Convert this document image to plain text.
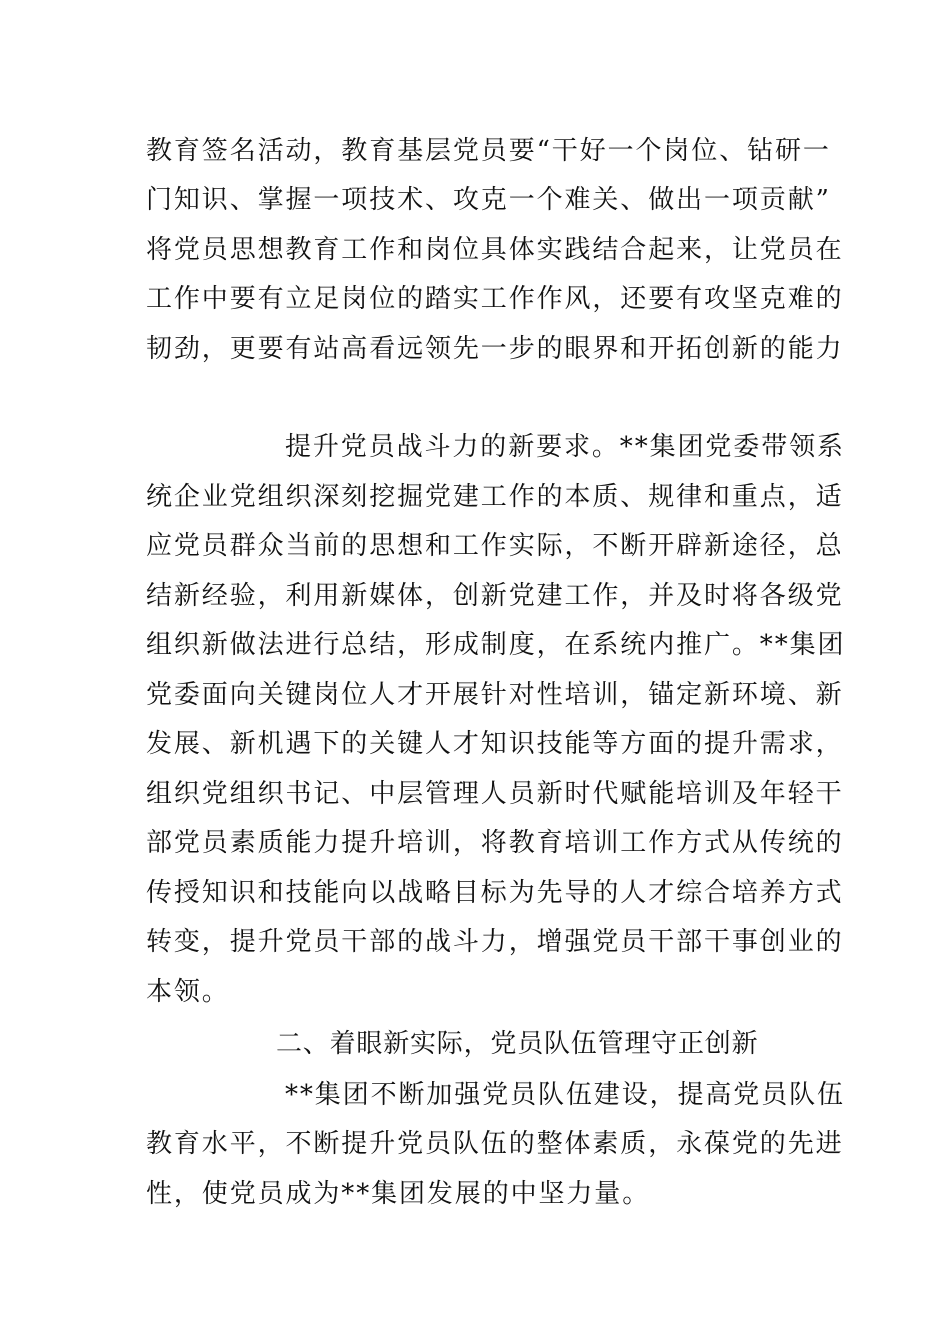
教育签名活动，教育基层党员要“干好一个岗位、钻研一
门知识、掌握一项技术、攻克一个难关、做出一项贡献”
将党员思想教育工作和岗位具体实践结合起来，让党员在
工作中要有立足岗位的踏实工作作风，还要有攻坚克难的
韧劲，更要有站高看远领先一步的眼界和开拓创新的能力
提升党员战斗力的新要求。**集团党委带领系
统企业党组织深刻挖掘党建工作的本质、规律和重点，适
应党员群众当前的思想和工作实际，不断开辟新途径，总
结新经验，利用新媒体，创新党建工作，并及时将各级党
组织新做法进行总结，形成制度，在系统内推广。**集团
党委面向关键岗位人才开展针对性培训，锚定新环境、新
发展、新机遇下的关键人才知识技能等方面的提升需求，
组织党组织书记、中层管理人员新时代赋能培训及年轻干
部党员素质能力提升培训，将教育培训工作方式从传统的
传授知识和技能向以战略目标为先导的人才综合培养方式
转变，提升党员干部的战斗力，增强党员干部干事创业的
本领。
二、着眼新实际，党员队伍管理守正创新
**集团不断加强党员队伍建设，提高党员队伍
教育水平，不断提升党员队伍的整体素质，永葆党的先进
性，使党员成为**集团发展的中坚力量。
